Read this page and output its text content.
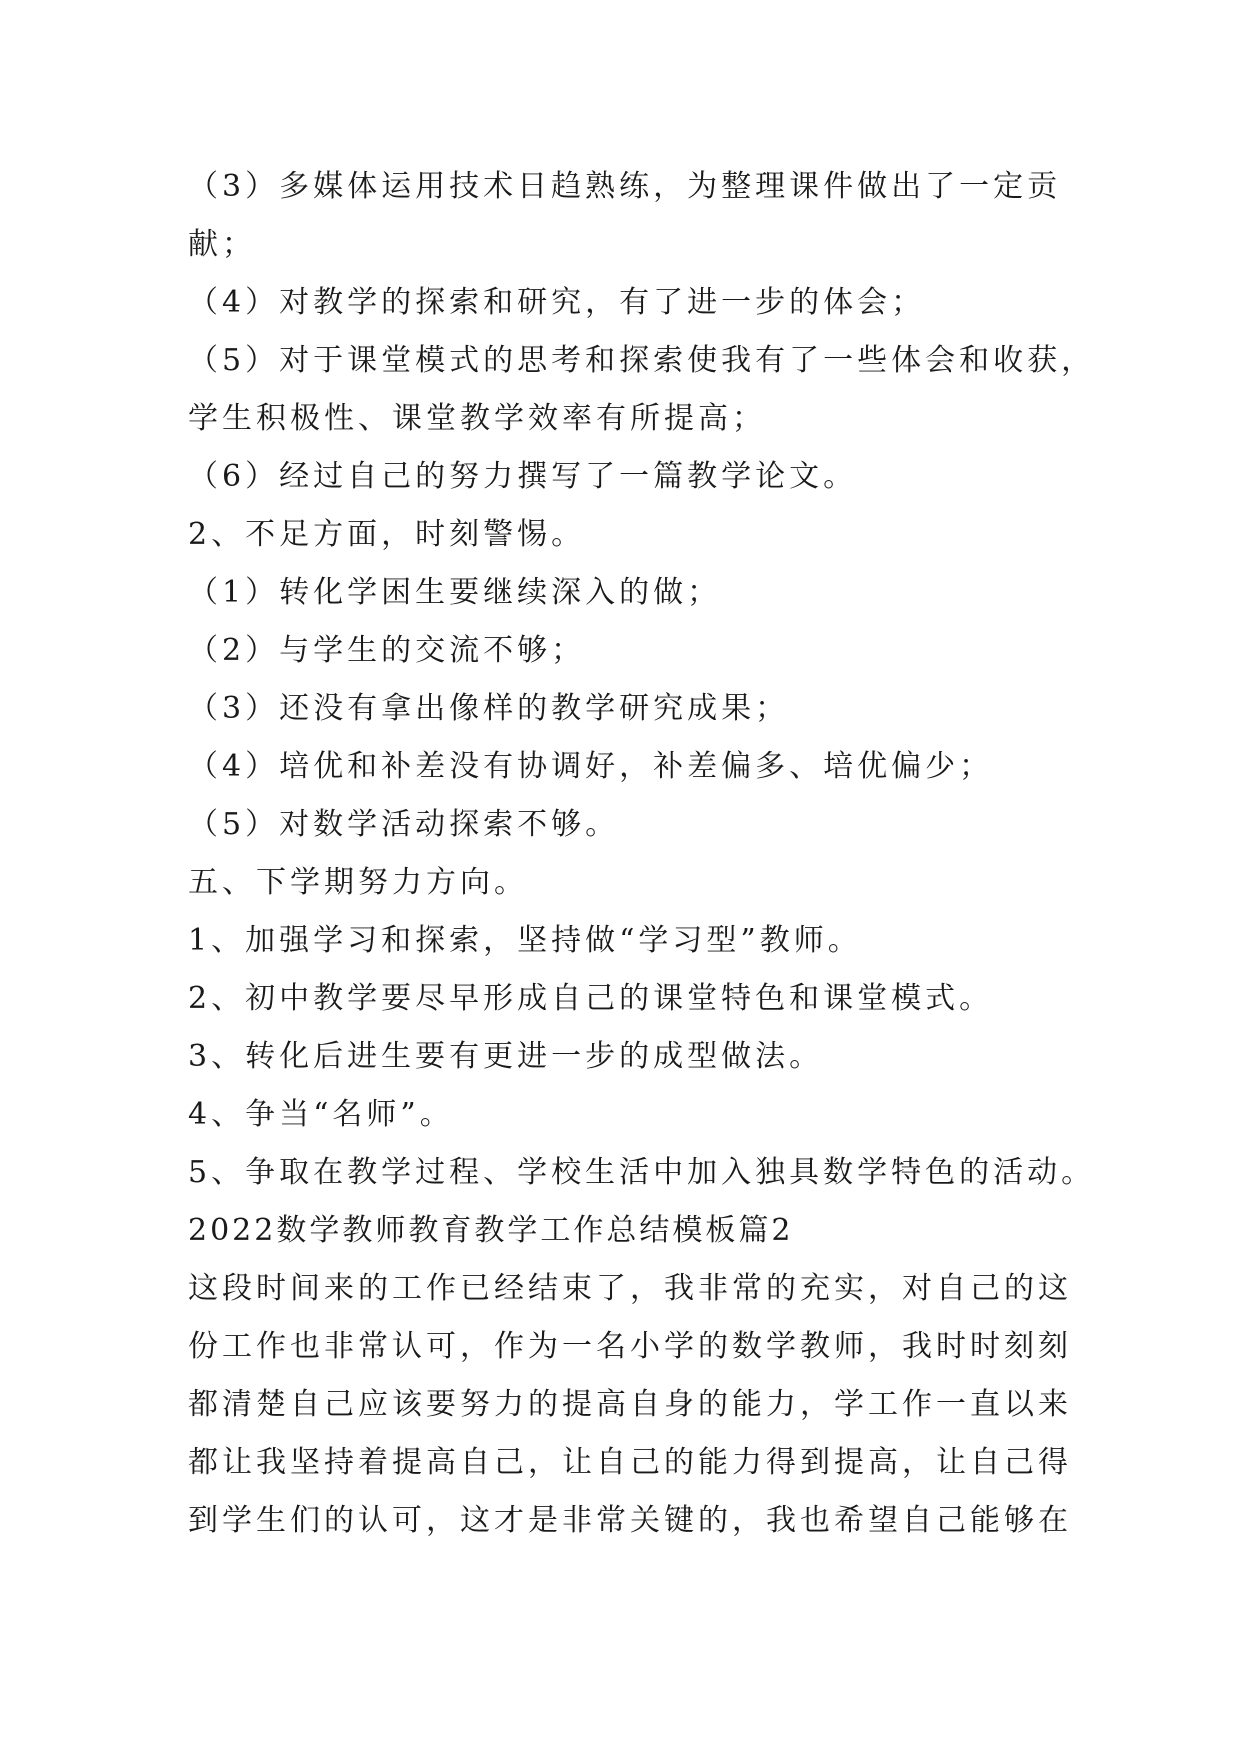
（3）多媒体运用技术日趋熟练，为整理课件做出了一定贡
献；
（4）对教学的探索和研究，有了进一步的体会；
（5）对于课堂模式的思考和探索使我有了一些体会和收获，
学生积极性、课堂教学效率有所提高；
（6）经过自己的努力撰写了一篇教学论文。
2、不足方面，时刻警惕。
（1）转化学困生要继续深入的做；
（2）与学生的交流不够；
（3）还没有拿出像样的教学研究成果；
（4）培优和补差没有协调好，补差偏多、培优偏少；
（5）对数学活动探索不够。
五、下学期努力方向。
1、加强学习和探索，坚持做“学习型”教师。
2、初中教学要尽早形成自己的课堂特色和课堂模式。
3、转化后进生要有更进一步的成型做法。
4、争当“名师”。
5、争取在教学过程、学校生活中加入独具数学特色的活动。
2022数学教师教育教学工作总结模板篇2
这段时间来的工作已经结束了，我非常的充实，对自己的这
份工作也非常认可，作为一名小学的数学教师，我时时刻刻
都清楚自己应该要努力的提高自身的能力，学工作一直以来
都让我坚持着提高自己，让自己的能力得到提高，让自己得
到学生们的认可，这才是非常关键的，我也希望自己能够在
